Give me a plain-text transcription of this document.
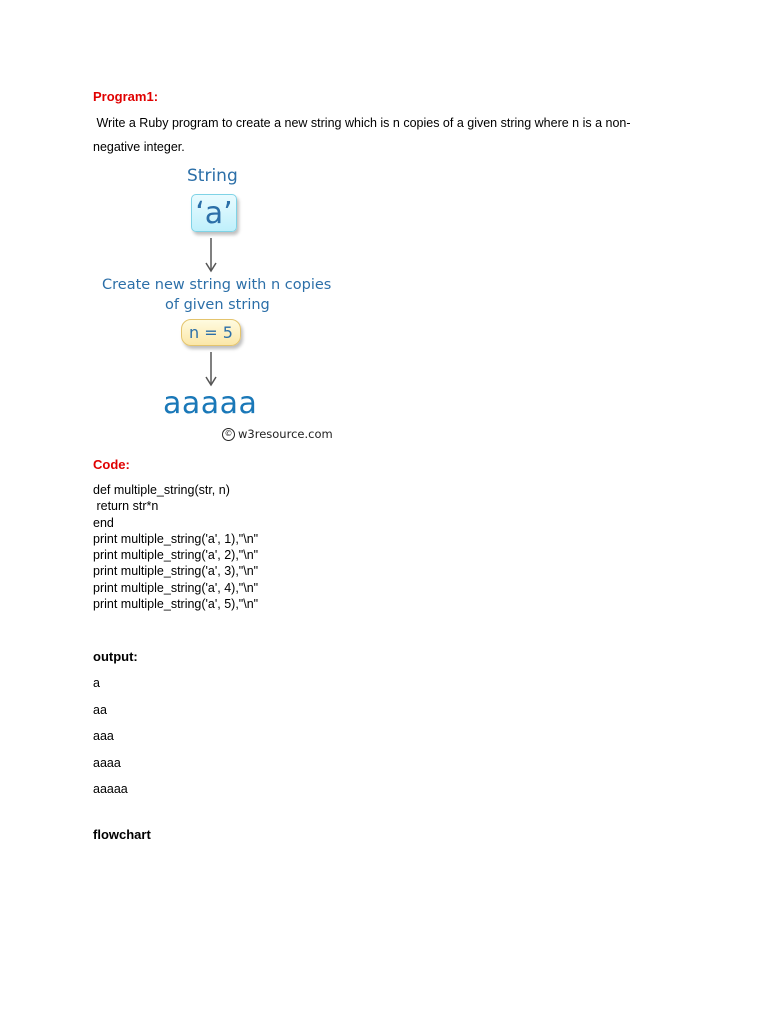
Program1:
Write a Ruby program to create a new string which is n copies of a given string where n is a non-
negative integer.
String
‘a’
Create new string with n copies
of given string
n = 5
aaaaa
© w3resource.com
Code:
def multiple_string(str, n)
return str*n
end
print multiple_string('a', 1),"\n"
print multiple_string('a', 2),"\n"
print multiple_string('a', 3),"\n"
print multiple_string('a', 4),"\n"
print multiple_string('a', 5),"\n"
output:
a
aa
aaa
aaaa
aaaaa
flowchart
